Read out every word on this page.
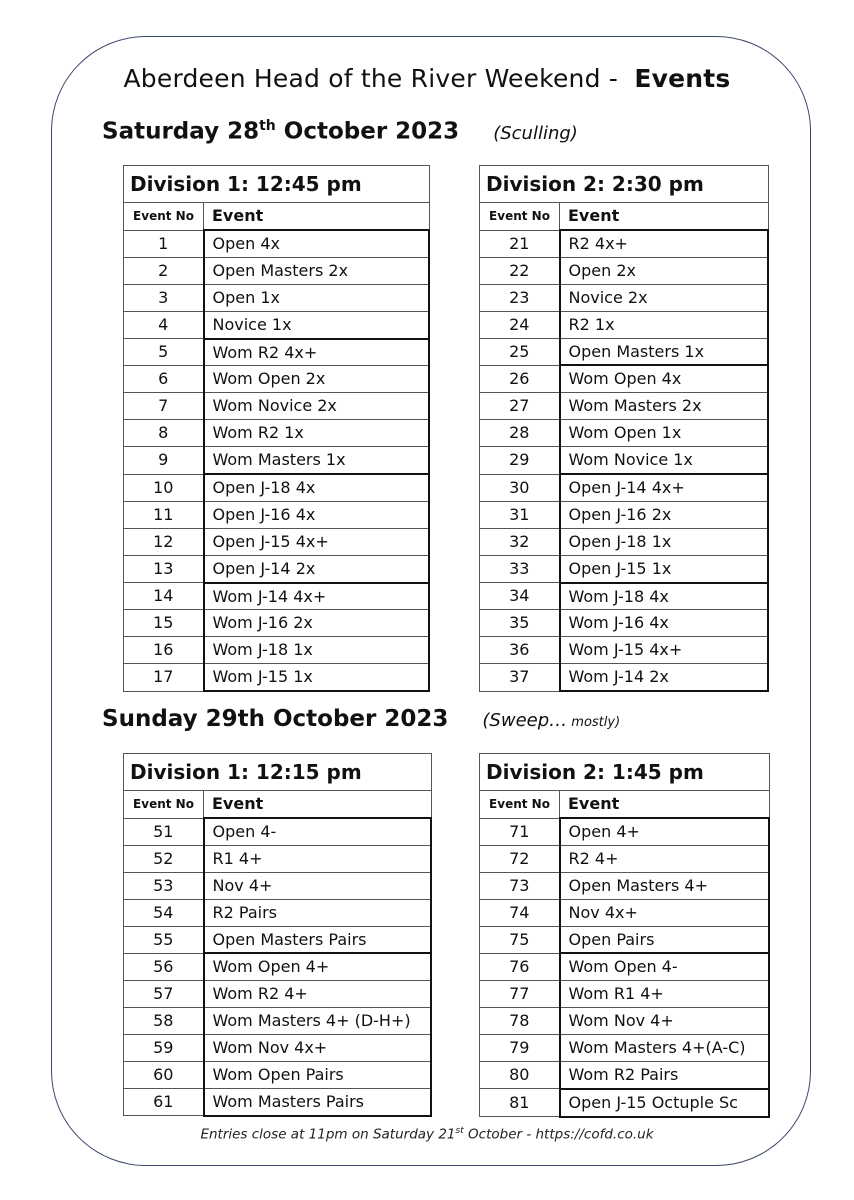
Aberdeen Head of the River Weekend - Events
Saturday 28th October 2023 (Sculling)
Sunday 29th October 2023 (Sweep… mostly)
Division 1: 12:45 pm	
Event No	Event
1	Open 4x
2	Open Masters 2x
3	Open 1x
4	Novice 1x
5	Wom R2 4x+
6	Wom Open 2x
7	Wom Novice 2x
8	Wom R2 1x
9	Wom Masters 1x
10	Open J-18 4x
11	Open J-16 4x
12	Open J-15 4x+
13	Open J-14 2x
14	Wom J-14 4x+
15	Wom J-16 2x
16	Wom J-18 1x
17	Wom J-15 1x
Division 2: 2:30 pm	
Event No	Event
21	R2 4x+
22	Open 2x
23	Novice 2x
24	R2 1x
25	Open Masters 1x
26	Wom Open 4x
27	Wom Masters 2x
28	Wom Open 1x
29	Wom Novice 1x
30	Open J-14 4x+
31	Open J-16 2x
32	Open J-18 1x
33	Open J-15 1x
34	Wom J-18 4x
35	Wom J-16 4x
36	Wom J-15 4x+
37	Wom J-14 2x
Division 1: 12:15 pm	
Event No	Event
51	Open 4-
52	R1 4+
53	Nov 4+
54	R2 Pairs
55	Open Masters Pairs
56	Wom Open 4+
57	Wom R2 4+
58	Wom Masters 4+ (D-H+)
59	Wom Nov 4x+
60	Wom Open Pairs
61	Wom Masters Pairs
Division 2: 1:45 pm	
Event No	Event
71	Open 4+
72	R2 4+
73	Open Masters 4+
74	Nov 4x+
75	Open Pairs
76	Wom Open 4-
77	Wom R1 4+
78	Wom Nov 4+
79	Wom Masters 4+(A-C)
80	Wom R2 Pairs
81	Open J-15 Octuple Sc
Entries close at 11pm on Saturday 21st October - https://cofd.co.uk
